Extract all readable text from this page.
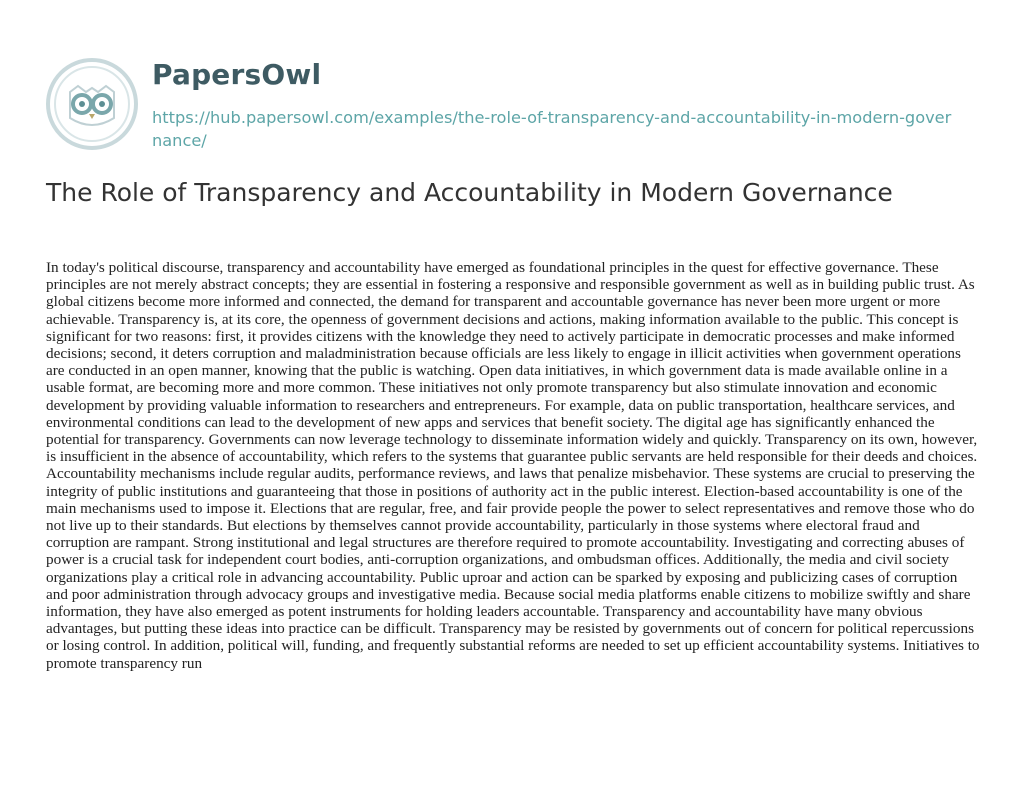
PapersOwl
https://hub.papersowl.com/examples/the-role-of-transparency-and-accountability-in-modern-governance/
The Role of Transparency and Accountability in Modern Governance

In today's political discourse, transparency and accountability have emerged as foundational principles in the quest for effective governance. These principles are not merely abstract concepts; they are essential in fostering a responsive and responsible government as well as in building public trust. As global citizens become more informed and connected, the demand for transparent and accountable governance has never been more urgent or more achievable. Transparency is, at its core, the openness of government decisions and actions, making information available to the public. This concept is significant for two reasons: first, it provides citizens with the knowledge they need to actively participate in democratic processes and make informed decisions; second, it deters corruption and maladministration because officials are less likely to engage in illicit activities when government operations are conducted in an open manner, knowing that the public is watching. Open data initiatives, in which government data is made available online in a usable format, are becoming more and more common. These initiatives not only promote transparency but also stimulate innovation and economic development by providing valuable information to researchers and entrepreneurs. For example, data on public transportation, healthcare services, and environmental conditions can lead to the development of new apps and services that benefit society. The digital age has significantly enhanced the potential for transparency. Governments can now leverage technology to disseminate information widely and quickly. Transparency on its own, however, is insufficient in the absence of accountability, which refers to the systems that guarantee public servants are held responsible for their deeds and choices. Accountability mechanisms include regular audits, performance reviews, and laws that penalize misbehavior. These systems are crucial to preserving the integrity of public institutions and guaranteeing that those in positions of authority act in the public interest. Election-based accountability is one of the main mechanisms used to impose it. Elections that are regular, free, and fair provide people the power to select representatives and remove those who do not live up to their standards. But elections by themselves cannot provide accountability, particularly in those systems where electoral fraud and corruption are rampant. Strong institutional and legal structures are therefore required to promote accountability. Investigating and correcting abuses of power is a crucial task for independent court bodies, anti-corruption organizations, and ombudsman offices. Additionally, the media and civil society organizations play a critical role in advancing accountability. Public uproar and action can be sparked by exposing and publicizing cases of corruption and poor administration through advocacy groups and investigative media. Because social media platforms enable citizens to mobilize swiftly and share information, they have also emerged as potent instruments for holding leaders accountable. Transparency and accountability have many obvious advantages, but putting these ideas into practice can be difficult. Transparency may be resisted by governments out of concern for political repercussions or losing control. In addition, political will, funding, and frequently substantial reforms are needed to set up efficient accountability systems. Initiatives to promote transparency run
